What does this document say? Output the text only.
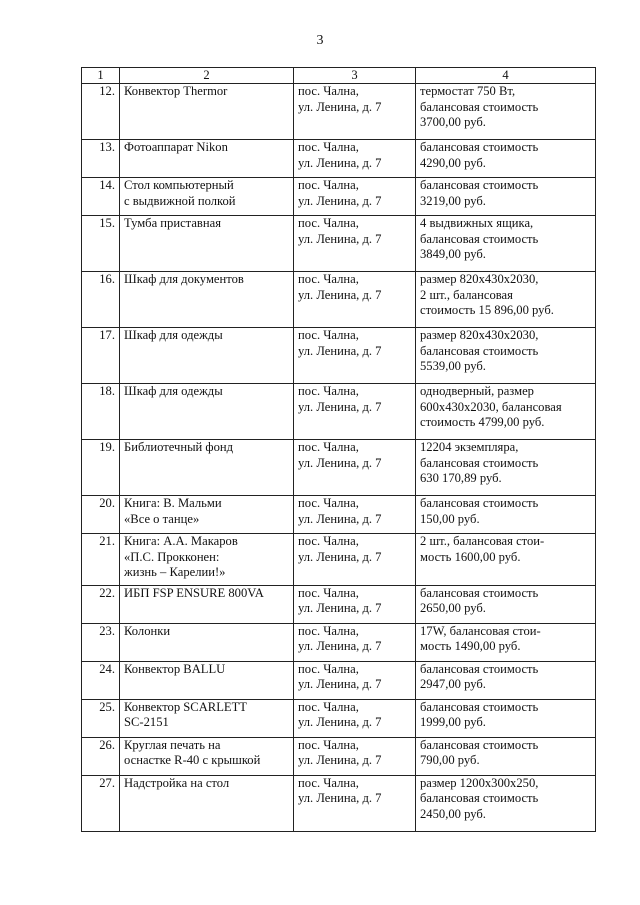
3
1	2	3	4
12.	Конвектор Thermor	пос. Чална,
ул. Ленина, д. 7	термостат 750 Вт,
балансовая стоимость
3700,00 руб.
13.	Фотоаппарат Nikon	пос. Чална,
ул. Ленина, д. 7	балансовая стоимость
4290,00 руб.
14.	Стол компьютерный
с выдвижной полкой	пос. Чална,
ул. Ленина, д. 7	балансовая стоимость
3219,00 руб.
15.	Тумба приставная	пос. Чална,
ул. Ленина, д. 7	4 выдвижных ящика,
балансовая стоимость
3849,00 руб.
16.	Шкаф для документов	пос. Чална,
ул. Ленина, д. 7	размер 820х430х2030,
2 шт., балансовая
стоимость 15 896,00 руб.
17.	Шкаф для одежды	пос. Чална,
ул. Ленина, д. 7	размер 820х430х2030,
балансовая стоимость
5539,00 руб.
18.	Шкаф для одежды	пос. Чална,
ул. Ленина, д. 7	однодверный, размер
600х430х2030, балансовая
стоимость 4799,00 руб.
19.	Библиотечный фонд	пос. Чална,
ул. Ленина, д. 7	12204 экземпляра,
балансовая стоимость
630 170,89 руб.
20.	Книга: В. Мальми
«Все о танце»	пос. Чална,
ул. Ленина, д. 7	балансовая стоимость
150,00 руб.
21.	Книга: А.А. Макаров
«П.С. Прокконен:
жизнь – Карелии!»	пос. Чална,
ул. Ленина, д. 7	2 шт., балансовая стои-
мость 1600,00 руб.
22.	ИБП FSP ENSURE 800VA	пос. Чална,
ул. Ленина, д. 7	балансовая стоимость
2650,00 руб.
23.	Колонки	пос. Чална,
ул. Ленина, д. 7	17W, балансовая стои-
мость 1490,00 руб.
24.	Конвектор BALLU	пос. Чална,
ул. Ленина, д. 7	балансовая стоимость
2947,00 руб.
25.	Конвектор SCARLETT
SC-2151	пос. Чална,
ул. Ленина, д. 7	балансовая стоимость
1999,00 руб.
26.	Круглая печать на
оснастке R-40 с крышкой	пос. Чална,
ул. Ленина, д. 7	балансовая стоимость
790,00 руб.
27.	Надстройка на стол	пос. Чална,
ул. Ленина, д. 7	размер 1200х300х250,
балансовая стоимость
2450,00 руб.
